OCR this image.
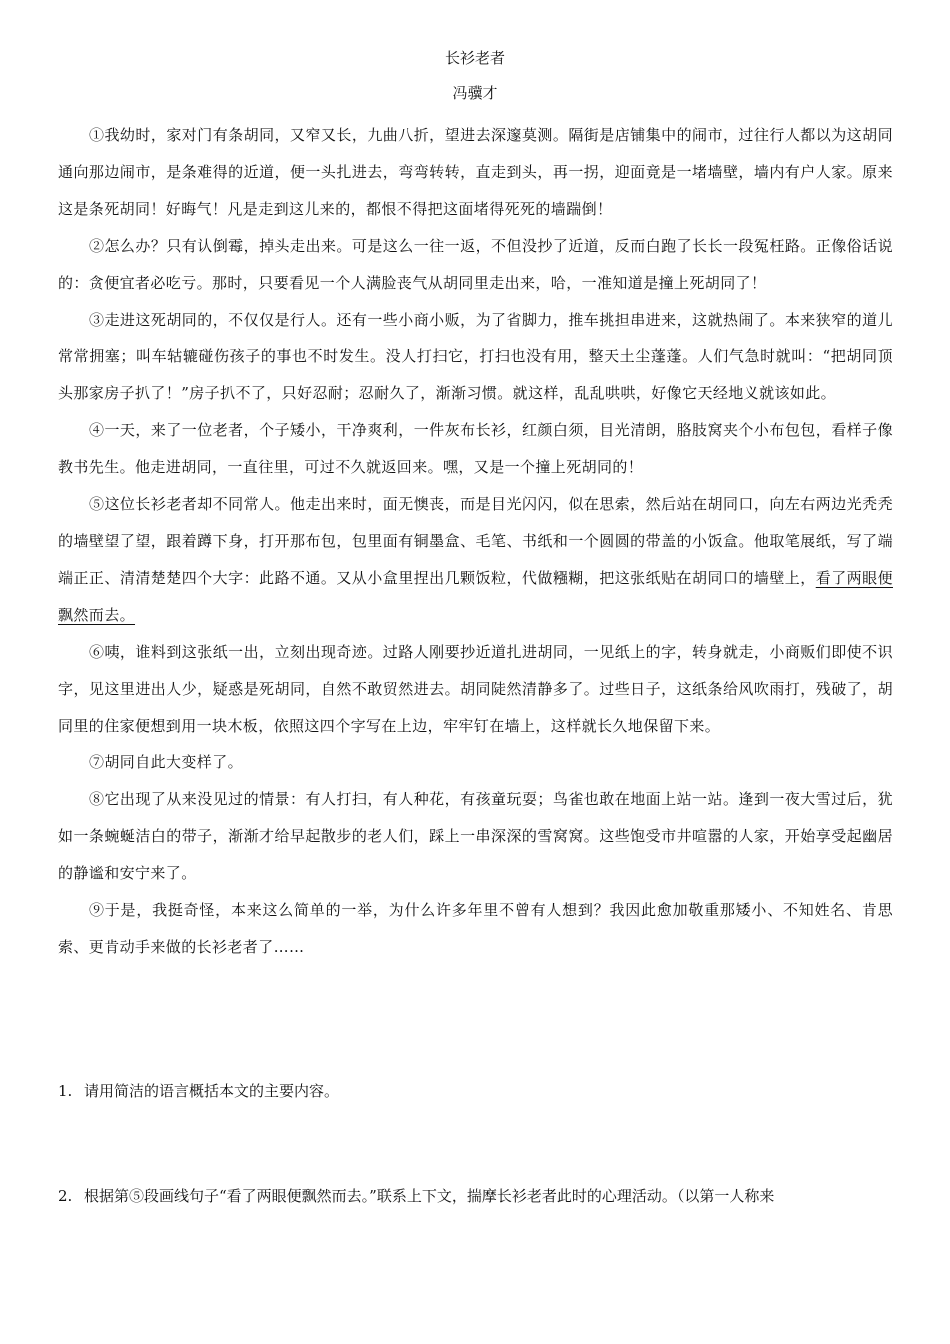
长衫老者
冯骥才

①我幼时，家对门有条胡同，又窄又长，九曲八折，望进去深邃莫测。隔街是店铺集中的闹市，过往行人都以为这胡同通向那边闹市，是条难得的近道，便一头扎进去，弯弯转转，直走到头，再一拐，迎面竟是一堵墙壁，墙内有户人家。原来这是条死胡同！好晦气！凡是走到这儿来的，都恨不得把这面堵得死死的墙踹倒！

②怎么办？只有认倒霉，掉头走出来。可是这么一往一返，不但没抄了近道，反而白跑了长长一段冤枉路。正像俗话说的：贪便宜者必吃亏。那时，只要看见一个人满脸丧气从胡同里走出来，哈，一准知道是撞上死胡同了！

③走进这死胡同的，不仅仅是行人。还有一些小商小贩，为了省脚力，推车挑担串进来，这就热闹了。本来狭窄的道儿常常拥塞；叫车轱辘碰伤孩子的事也不时发生。没人打扫它，打扫也没有用，整天土尘蓬蓬。人们气急时就叫：“把胡同顶头那家房子扒了！”房子扒不了，只好忍耐；忍耐久了，渐渐习惯。就这样，乱乱哄哄，好像它天经地义就该如此。

④一天，来了一位老者，个子矮小，干净爽利，一件灰布长衫，红颜白须，目光清朗，胳肢窝夹个小布包包，看样子像教书先生。他走进胡同，一直往里，可过不久就返回来。嘿，又是一个撞上死胡同的！

⑤这位长衫老者却不同常人。他走出来时，面无懊丧，而是目光闪闪，似在思索，然后站在胡同口，向左右两边光秃秃的墙壁望了望，跟着蹲下身，打开那布包，包里面有铜墨盒、毛笔、书纸和一个圆圆的带盖的小饭盒。他取笔展纸，写了端端正正、清清楚楚四个大字：此路不通。又从小盒里捏出几颗饭粒，代做糨糊，把这张纸贴在胡同口的墙壁上，看了两眼便飘然而去。

⑥咦，谁料到这张纸一出，立刻出现奇迹。过路人刚要抄近道扎进胡同，一见纸上的字，转身就走，小商贩们即使不识字，见这里进出人少，疑惑是死胡同，自然不敢贸然进去。胡同陡然清静多了。过些日子，这纸条给风吹雨打，残破了，胡同里的住家便想到用一块木板，依照这四个字写在上边，牢牢钉在墙上，这样就长久地保留下来。

⑦胡同自此大变样了。

⑧它出现了从来没见过的情景：有人打扫，有人种花，有孩童玩耍；鸟雀也敢在地面上站一站。逢到一夜大雪过后，犹如一条蜿蜒洁白的带子，渐渐才给早起散步的老人们，踩上一串深深的雪窝窝。这些饱受市井喧嚣的人家，开始享受起幽居的静谧和安宁来了。

⑨于是，我挺奇怪，本来这么简单的一举，为什么许多年里不曾有人想到？我因此愈加敬重那矮小、不知姓名、肯思索、更肯动手来做的长衫老者了……

1. 请用简洁的语言概括本文的主要内容。
2. 根据第⑤段画线句子“看了两眼便飘然而去。”联系上下文，揣摩长衫老者此时的心理活动。（以第一人称来
